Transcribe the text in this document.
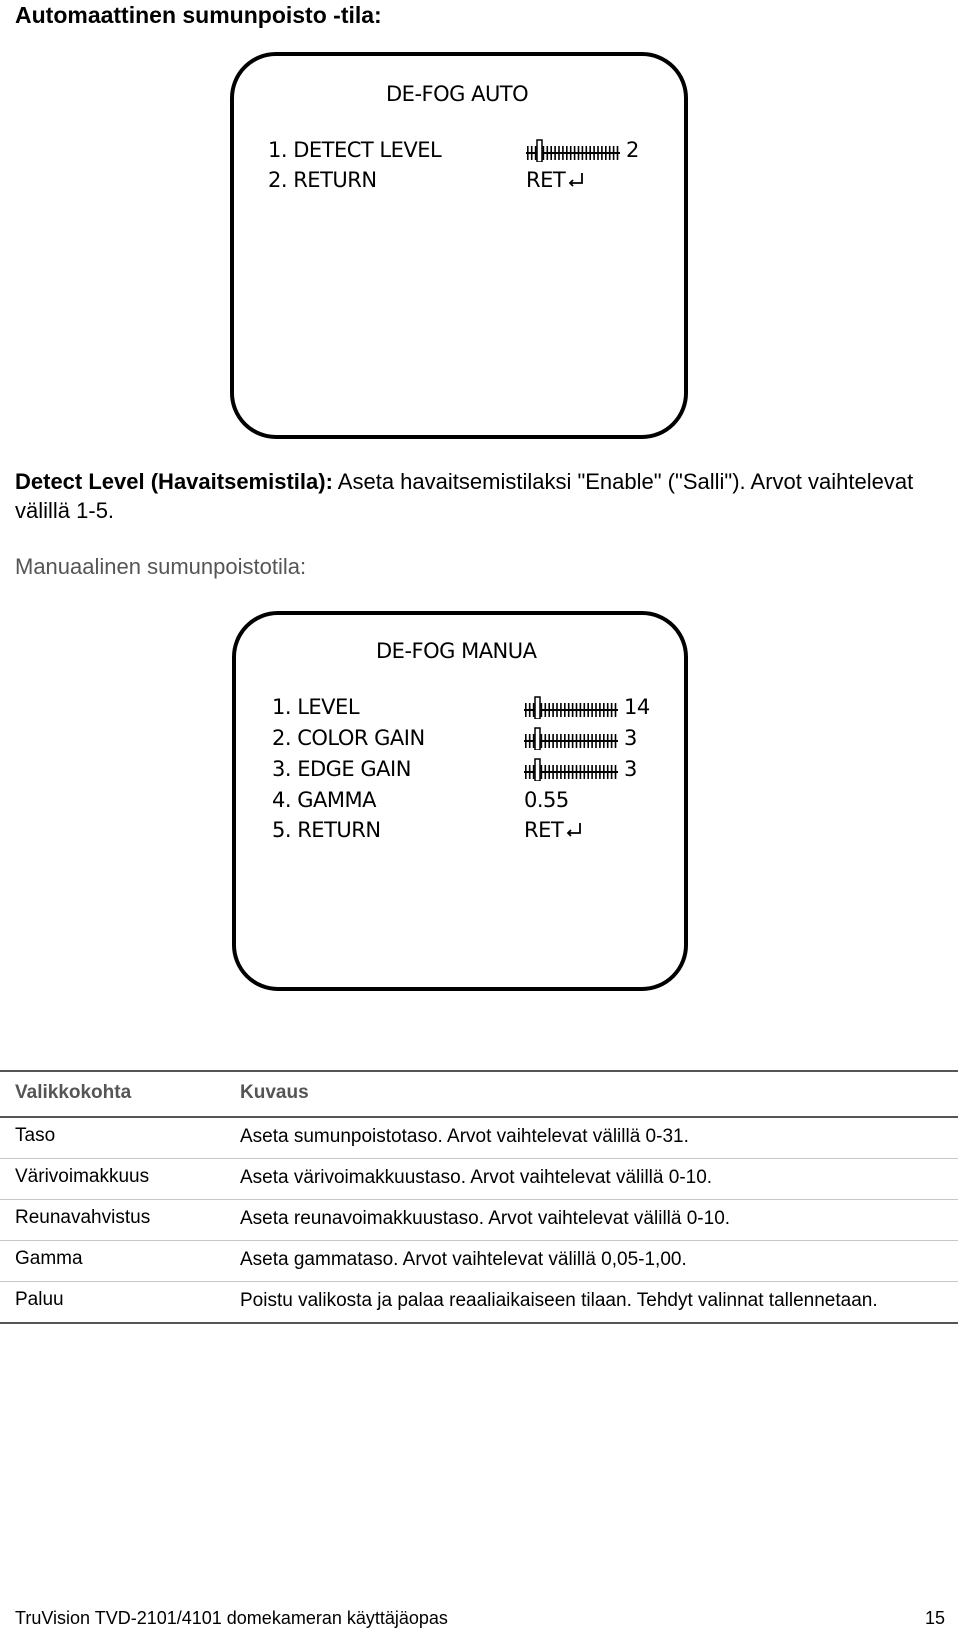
Automaattinen sumunpoisto -tila:
DE-FOG AUTO
1. DETECT LEVEL	2
2. RETURN	RET
Detect Level (Havaitsemistila): Aseta havaitsemistilaksi "Enable" ("Salli"). Arvot vaihtelevat välillä 1-5.
Manuaalinen sumunpoistotila:
DE-FOG MANUA
1. LEVEL	14
2. COLOR GAIN	3
3. EDGE GAIN	3
4. GAMMA	0.55
5. RETURN	RET
Valikkokohta	Kuvaus
Taso	Aseta sumunpoistotaso. Arvot vaihtelevat välillä 0-31.
Värivoimakkuus	Aseta värivoimakkuustaso. Arvot vaihtelevat välillä 0-10.
Reunavahvistus	Aseta reunavoimakkuustaso. Arvot vaihtelevat välillä 0-10.
Gamma	Aseta gammataso. Arvot vaihtelevat välillä 0,05-1,00.
Paluu	Poistu valikosta ja palaa reaaliaikaiseen tilaan. Tehdyt valinnat tallennetaan.
TruVision TVD-2101/4101 domekameran käyttäjäopas	15
